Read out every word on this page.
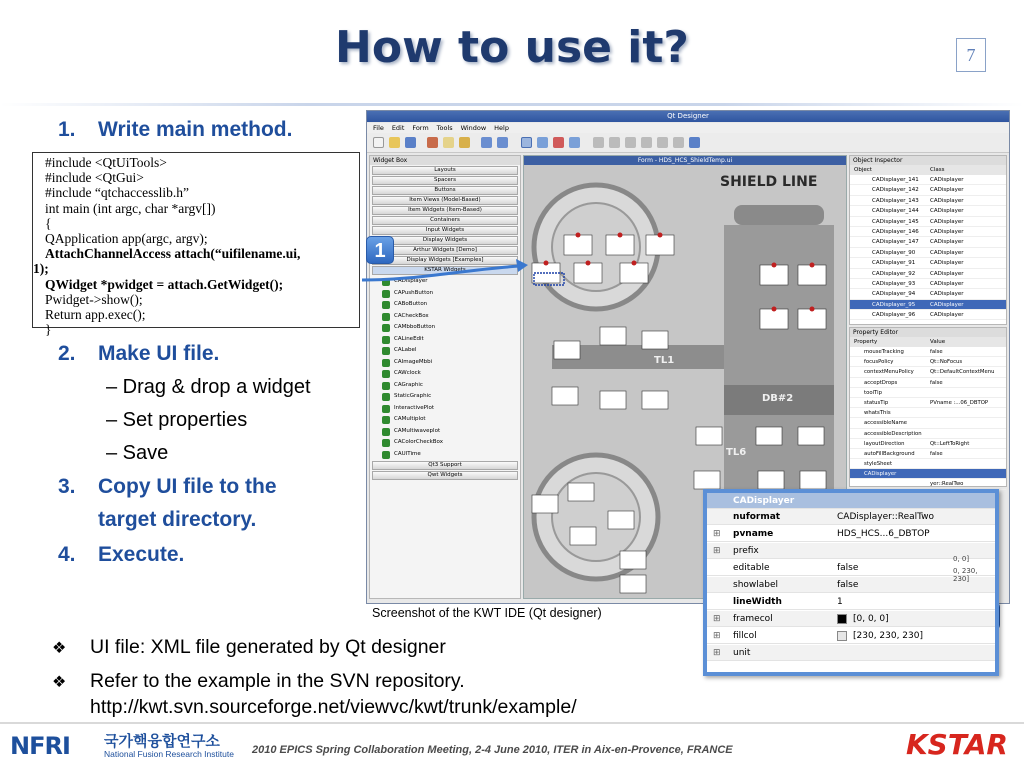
How to use it?	7
1. Write main method.
2. Make UI file.
– Drag & drop a widget
– Set properties
– Save
3. Copy UI file to the
target directory.
4. Execute.
#include <QtUiTools>
#include <QtGui>
#include “qtchaccesslib.h”
int main (int argc, char *argv[])
{
QApplication app(argc, argv);
AttachChannelAccess attach(“uifilename.ui,
1);
QWidget *pwidget = attach.GetWidget();
Pwidget->show();
Return app.exec();
}
Qt Designer
File Edit Form Tools Window Help
Widget Box
Layouts
Spacers
Buttons
Item Views (Model-Based)
Item Widgets (Item-Based)
Containers
Input Widgets
Display Widgets
Arthur Widgets [Demo]
Display Widgets [Examples]
KSTAR Widgets
CADisplayer
CAPushButton
CABoButton
CACheckBox
CAMbboButton
CALineEdit
CALabel
CAImageMbbi
CAWclock
CAGraphic
StaticGraphic
InteractivePlot
CAMultiplot
CAMultiwaveplot
CAColorCheckBox
CAUITime
Qt3 Support
Qwt Widgets
Form - HDS_HCS_ShieldTemp.ui
SHIELD LINE
TL1
DB#2
TL6
Object Inspector
Object	Class
CADisplayer_141 CADisplayer
CADisplayer_142 CADisplayer
CADisplayer_143 CADisplayer
CADisplayer_144 CADisplayer
CADisplayer_145 CADisplayer
CADisplayer_146 CADisplayer
CADisplayer_147 CADisplayer
CADisplayer_90	CADisplayer
CADisplayer_91	CADisplayer
CADisplayer_92	CADisplayer
CADisplayer_93	CADisplayer
CADisplayer_94	CADisplayer
CADisplayer_95	CADisplayer
CADisplayer_96	CADisplayer
Property Editor
Property	Value
mouseTracking	false
focusPolicy	Qt::NoFocus
contextMenuPolicy	Qt::DefaultContextMenu
acceptDrops	false
toolTip
statusTip	PVname :...06_DBTOP
whatsThis
accessibleName
accessibleDescription
layoutDirection	Qt::LeftToRight
autoFillBackground	false
styleSheet
CADisplayer
yer::RealTwo
1
CADisplayer
nuformat	CADisplayer::RealTwo
⊞ pvname	HDS_HCS...6_DBTOP
⊞ prefix
editable	false
showlabel	false
lineWidth	1
⊞ framecol	[0, 0, 0]
⊞ fillcol	[230, 230, 230]
⊞ unit
0, 0]
0, 230, 230]
Screenshot of the KWT IDE (Qt designer)
❖ UI file: XML file generated by Qt designer
❖ Refer to the example in the SVN repository.
http://kwt.svn.sourceforge.net/viewvc/kwt/trunk/example/
NFRI 국가핵융합연구소
National Fusion Research Institute 2010 EPICS Spring Collaboration Meeting, 2-4 June 2010, ITER in Aix-en-Provence, FRANCE	KSTAR
